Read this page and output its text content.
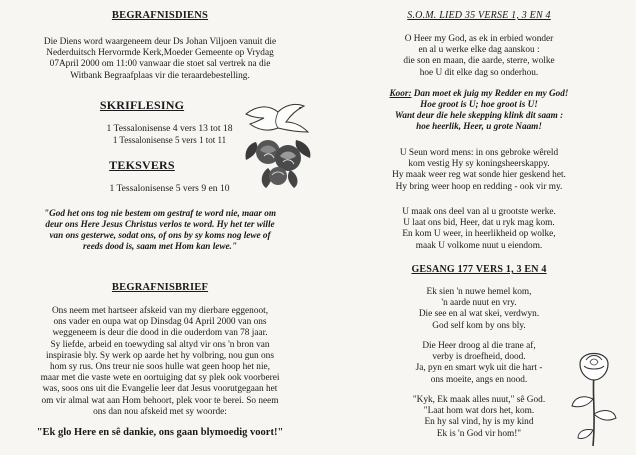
BEGRAFNISDIENS

Die Diens word waargeneem deur Ds Johan Viljoen vanuit die
Nederduitsch Hervormde Kerk,Moeder Gemeente op Vrydag
07April 2000 om 11:00 vanwaar die stoet sal vertrek na die
Witbank Begraafplaas vir die teraardebestelling.

SKRIFLESING

1 Tessalonisense 4 vers 13 tot 18
1 Tessalonisense 5 vers 1 tot 11

TEKSVERS

1 Tessalonisense 5 vers 9 en 10

"God het ons tog nie bestem om gestraf te word nie, maar om
deur ons Here Jesus Christus verlos te word. Hy het ter wille
van ons gesterwe, sodat ons, of ons by sy koms nog lewe of
reeds dood is, saam met Hom kan lewe."

BEGRAFNISBRIEF

Ons neem met hartseer afskeid van my dierbare eggenoot,
ons vader en oupa wat op Dinsdag 04 April 2000 van ons
weggeneem is deur die dood in die ouderdom van 78 jaar.
Sy liefde, arbeid en toewyding sal altyd vir ons 'n bron van
inspirasie bly. Sy werk op aarde het hy volbring, nou gun ons
hom sy rus. Ons treur nie soos hulle wat geen hoop het nie,
maar met die vaste wete en oortuiging dat sy plek ook voorberei
was, soos ons uit die Evangelie leer dat Jesus voorutgegaan het
om vir almal wat aan Hom behoort, plek voor te berei. So neem
ons dan nou afskeid met sy woorde:

"Ek glo Here en sê dankie, ons gaan blymoedig voort!"

S.O.M. LIED 35 VERSE 1, 3 EN 4

O Heer my God, as ek in erbied wonder
en al u werke elke dag aanskou :
die son en maan, die aarde, sterre, wolke
hoe U dit elke dag so onderhou.

Koor: Dan moet ek juig my Redder en my God!
Hoe groot is U; hoe groot is U!
Want deur die hele skepping klink dit saam :
hoe heerlik, Heer, u grote Naam!

U Seun word mens: in ons gebroke wêreld
kom vestig Hy sy koningsheerskappy.
Hy maak weer reg wat sonde hier geskend het.
Hy bring weer hoop en redding - ook vir my.

U maak ons deel van al u grootste werke.
U laat ons bid, Heer, dat u ryk mag kom.
En kom U weer, in heerlikheid op wolke,
maak U volkome nuut u eiendom.

GESANG 177 VERS 1, 3 EN 4

Ek sien 'n nuwe hemel kom,
'n aarde nuut en vry.
Die see en al wat skei, verdwyn.
God self kom by ons bly.

Die Heer droog al die trane af,
verby is droefheid, dood.
Ja, pyn en smart wyk uit die hart -
ons moeite, angs en nood.

"Kyk, Ek maak alles nuut," sê God.
"Laat hom wat dors het, kom.
En hy sal vind, hy is my kind
Ek is 'n God vir hom!"
